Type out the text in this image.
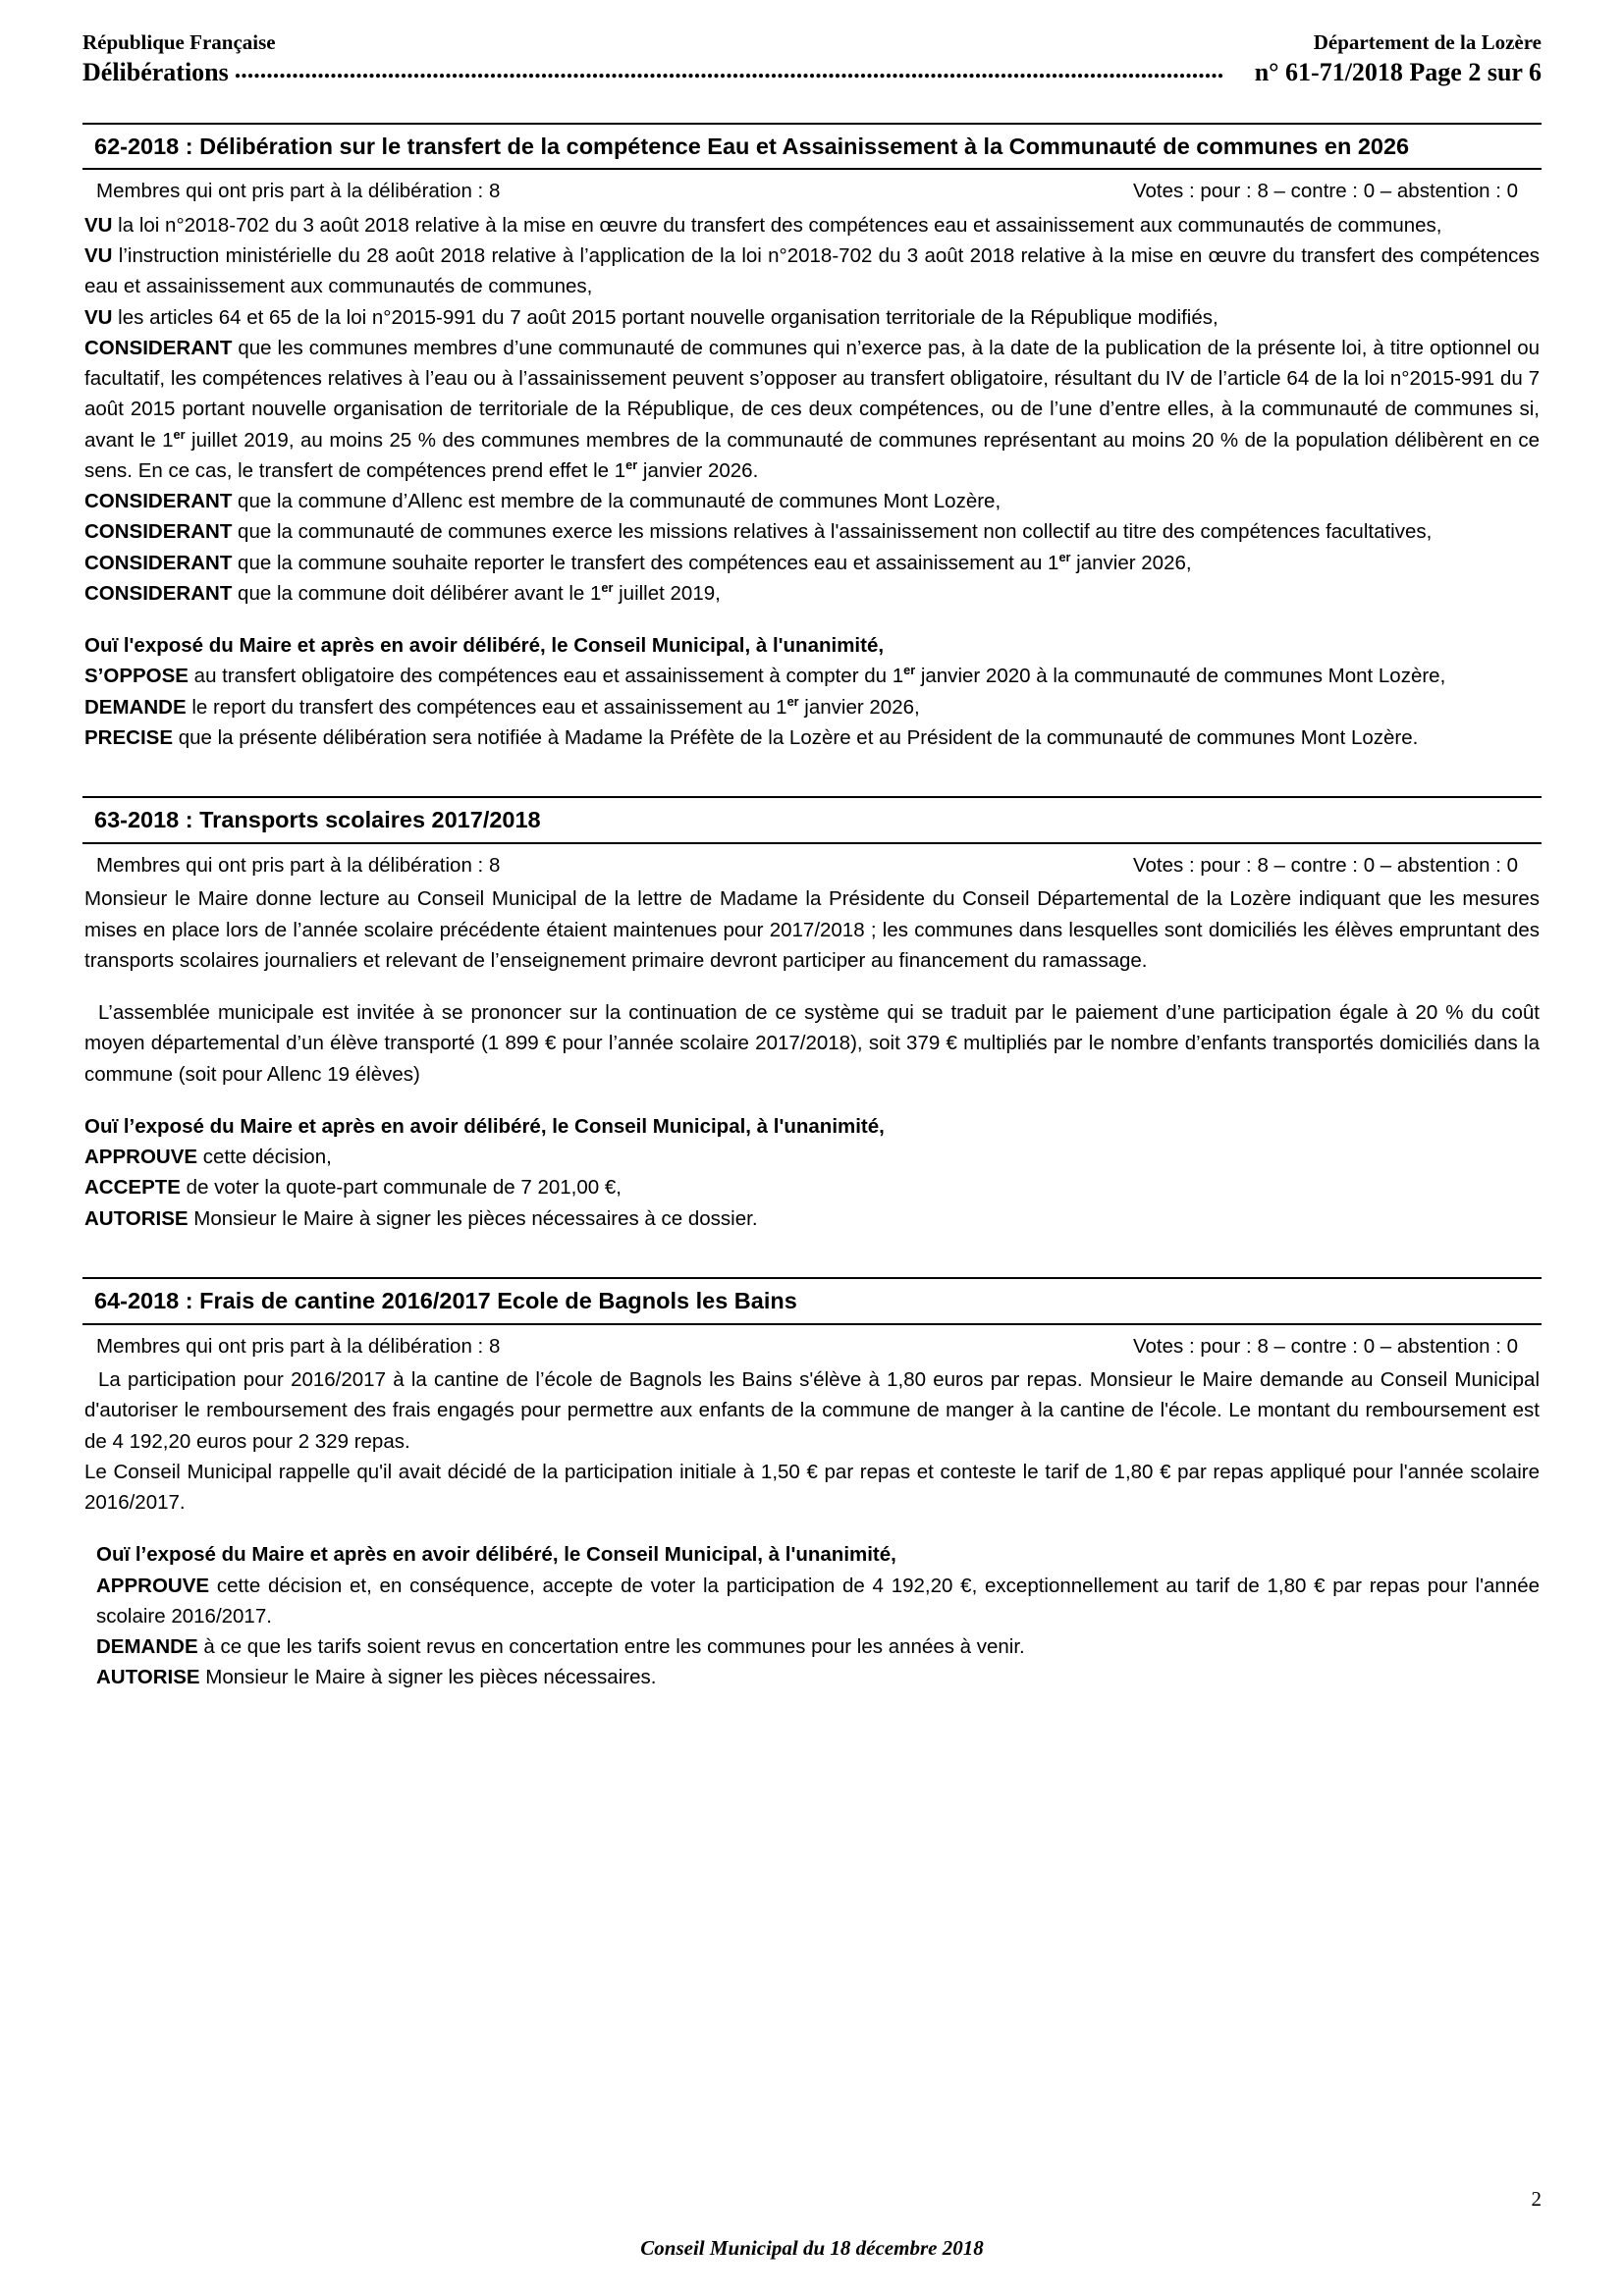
République Française	Département de la Lozère
Délibérations ...........................................................................................................................................................	n° 61-71/2018 Page 2 sur 6
62-2018 : Délibération sur le transfert de la compétence Eau et Assainissement à la Communauté de communes en 2026
Membres qui ont pris part à la délibération : 8	Votes : pour : 8 – contre : 0 – abstention : 0

VU la loi n°2018-702 du 3 août 2018 relative à la mise en œuvre du transfert des compétences eau et assainissement aux communautés de communes,

VU l’instruction ministérielle du 28 août 2018 relative à l’application de la loi n°2018-702 du 3 août 2018 relative à la mise en œuvre du transfert des compétences eau et assainissement aux communautés de communes,

VU les articles 64 et 65 de la loi n°2015-991 du 7 août 2015 portant nouvelle organisation territoriale de la République modifiés,

CONSIDERANT que les communes membres d’une communauté de communes qui n’exerce pas, à la date de la publication de la présente loi, à titre optionnel ou facultatif, les compétences relatives à l’eau ou à l’assainissement peuvent s’opposer au transfert obligatoire, résultant du IV de l’article 64 de la loi n°2015-991 du 7 août 2015 portant nouvelle organisation de territoriale de la République, de ces deux compétences, ou de l’une d’entre elles, à la communauté de communes si, avant le 1er juillet 2019, au moins 25 % des communes membres de la communauté de communes représentant au moins 20 % de la population délibèrent en ce sens. En ce cas, le transfert de compétences prend effet le 1er janvier 2026.

CONSIDERANT que la commune d’Allenc est membre de la communauté de communes Mont Lozère,

CONSIDERANT que la communauté de communes exerce les missions relatives à l'assainissement non collectif au titre des compétences facultatives,

CONSIDERANT que la commune souhaite reporter le transfert des compétences eau et assainissement au 1er janvier 2026,

CONSIDERANT que la commune doit délibérer avant le 1er juillet 2019,

Ouï l'exposé du Maire et après en avoir délibéré, le Conseil Municipal, à l'unanimité,

S’OPPOSE au transfert obligatoire des compétences eau et assainissement à compter du 1er janvier 2020 à la communauté de communes Mont Lozère,

DEMANDE le report du transfert des compétences eau et assainissement au 1er janvier 2026,

PRECISE que la présente délibération sera notifiée à Madame la Préfète de la Lozère et au Président de la communauté de communes Mont Lozère.

63-2018 : Transports scolaires 2017/2018
Membres qui ont pris part à la délibération : 8	Votes : pour : 8 – contre : 0 – abstention : 0

Monsieur le Maire donne lecture au Conseil Municipal de la lettre de Madame la Présidente du Conseil Départemental de la Lozère indiquant que les mesures mises en place lors de l’année scolaire précédente étaient maintenues pour 2017/2018 ; les communes dans lesquelles sont domiciliés les élèves empruntant des transports scolaires journaliers et relevant de l’enseignement primaire devront participer au financement du ramassage.

L’assemblée municipale est invitée à se prononcer sur la continuation de ce système qui se traduit par le paiement d’une participation égale à 20 % du coût moyen départemental d’un élève transporté (1 899 € pour l’année scolaire 2017/2018), soit 379 € multipliés par le nombre d’enfants transportés domiciliés dans la commune (soit pour Allenc 19 élèves)

Ouï l’exposé du Maire et après en avoir délibéré, le Conseil Municipal, à l'unanimité,

APPROUVE cette décision,

ACCEPTE de voter la quote-part communale de 7 201,00 €,

AUTORISE Monsieur le Maire à signer les pièces nécessaires à ce dossier.

64-2018 : Frais de cantine 2016/2017 Ecole de Bagnols les Bains
Membres qui ont pris part à la délibération : 8	Votes : pour : 8 – contre : 0 – abstention : 0

La participation pour 2016/2017 à la cantine de l’école de Bagnols les Bains s'élève à 1,80 euros par repas. Monsieur le Maire demande au Conseil Municipal d'autoriser le remboursement des frais engagés pour permettre aux enfants de la commune de manger à la cantine de l'école. Le montant du remboursement est de 4 192,20 euros pour 2 329 repas.

Le Conseil Municipal rappelle qu'il avait décidé de la participation initiale à 1,50 € par repas et conteste le tarif de 1,80 € par repas appliqué pour l'année scolaire 2016/2017.

Ouï l’exposé du Maire et après en avoir délibéré, le Conseil Municipal, à l'unanimité,

APPROUVE cette décision et, en conséquence, accepte de voter la participation de 4 192,20 €, exceptionnellement au tarif de 1,80 € par repas pour l'année scolaire 2016/2017.

DEMANDE à ce que les tarifs soient revus en concertation entre les communes pour les années à venir.

AUTORISE Monsieur le Maire à signer les pièces nécessaires.

2
Conseil Municipal du 18 décembre 2018
